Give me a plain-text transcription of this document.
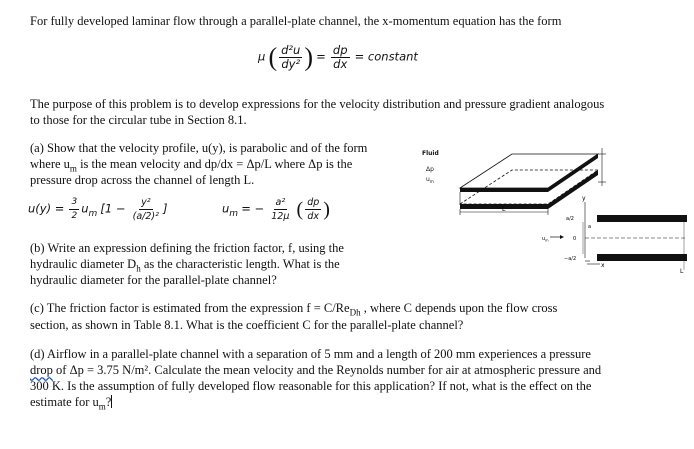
For fully developed laminar flow through a parallel-plate channel, the x-momentum equation has the form
μ ( $\frac{\text{d²u}}{\text{dy²}}$ ) = $\frac{dp}{dx}$ = constant
The purpose of this problem is to develop expressions for the velocity distribution and pressure gradient analogous
to those for the circular tube in Section 8.1.
(a) Show that the velocity profile, u(y), is parabolic and of the form
where $u_m$ is the mean velocity and dp/dx = Δp/L where Δp is the
pressure drop across the channel of length L.
$u(y) = \frac{3}{2} u_m$ [$1 - \frac{\text{y²}}{\text{(a/2)²}}$ ]	$u_m$ = − $\frac{\text{a²}}{12\mu}$ ( $\frac{dp}{dx}$ )
(b) Write an expression defining the friction factor, f, using the
hydraulic diameter $D_h$ as the characteristic length. What is the
hydraulic diameter for the parallel-plate channel?
(c) The friction factor is estimated from the expression $f = C/Re_{Dh}$ , where C depends upon the flow cross
section, as shown in Table 8.1. What is the coefficient C for the parallel-plate channel?
(d) Airflow in a parallel-plate channel with a separation of 5 mm and a length of 200 mm experiences a pressure
drop of Δp = 3.75 N/m². Calculate the mean velocity and the Reynolds number for air at atmospheric pressure and
300 K. Is the assumption of fully developed flow reasonable for this application? If not, what is the effect on the
estimate for $u_m$?
Fluid
Δp
$u_m$
L
y
x
a/2
0
−a/2
$u_m$
a
L
